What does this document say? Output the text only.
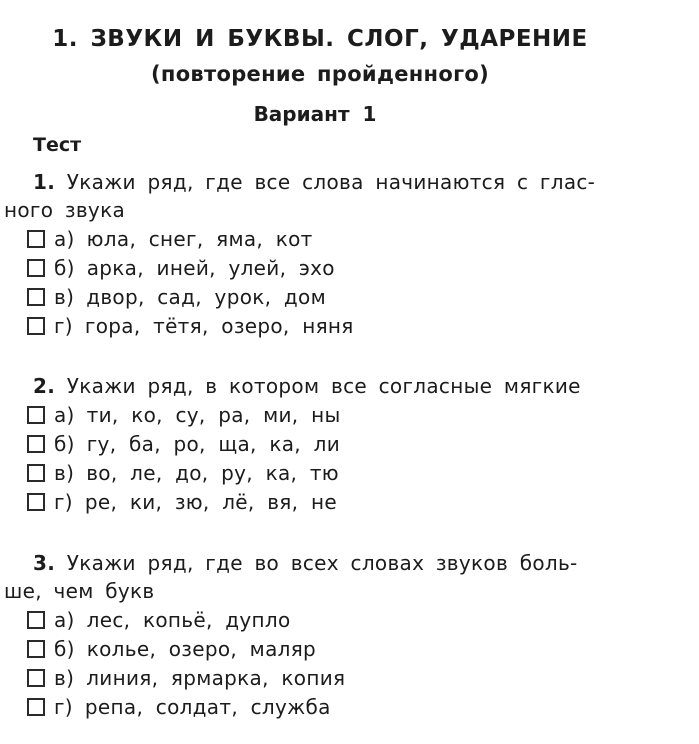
1. ЗВУКИ И БУКВЫ. СЛОГ, УДАРЕНИЕ
(повторение пройденного)
Вариант 1
Тест

1. Укажи ряд, где все слова начинаются с глас-

ного звука

а) юла, снег, яма, кот
б) арка, иней, улей, эхо
в) двор, сад, урок, дом
г) гора, тётя, озеро, няня

2. Укажи ряд, в котором все согласные мягкие

а) ти, ко, су, ра, ми, ны
б) гу, ба, ро, ща, ка, ли
в) во, ле, до, ру, ка, тю
г) ре, ки, зю, лё, вя, не

3. Укажи ряд, где во всех словах звуков боль-

ше, чем букв

а) лес, копьё, дупло
б) колье, озеро, маляр
в) линия, ярмарка, копия
г) репа, солдат, служба
